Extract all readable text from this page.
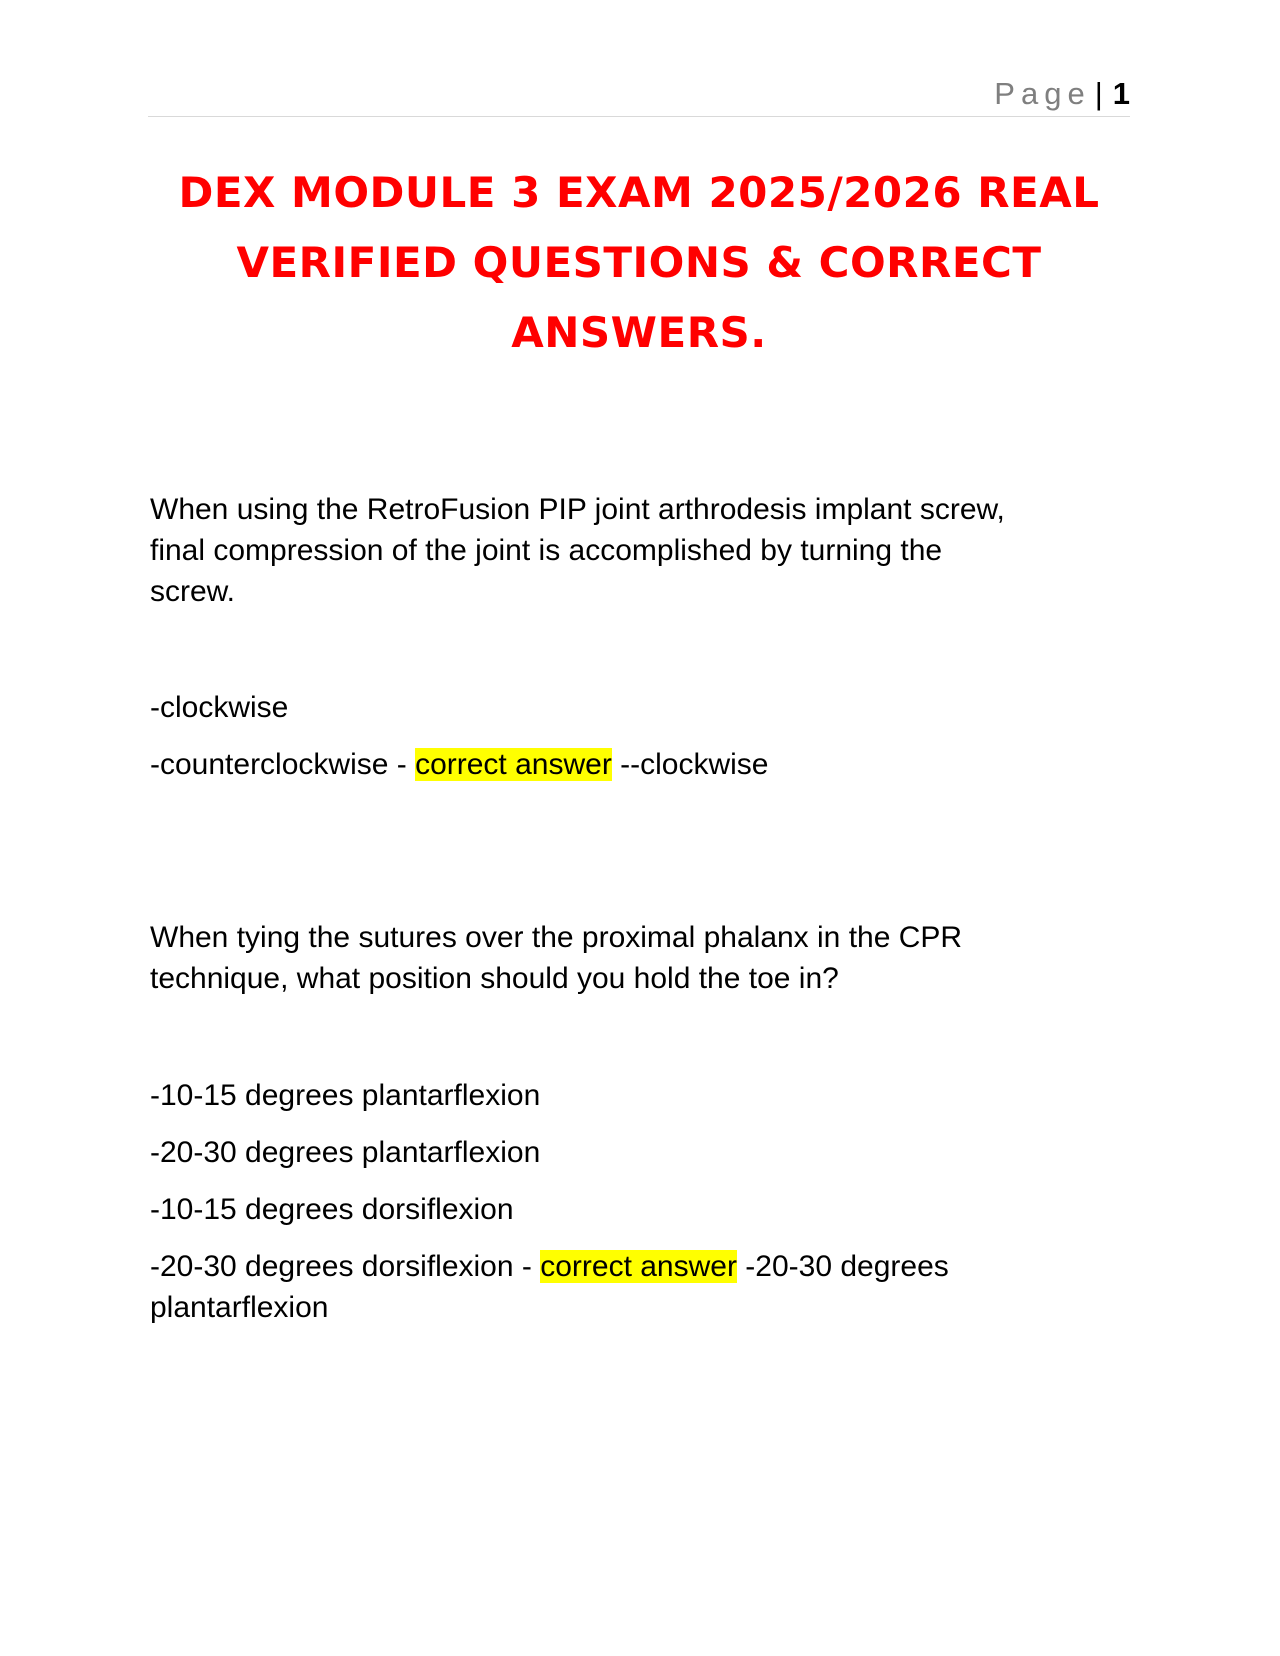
Page | 1
DEX MODULE 3 EXAM 2025/2026 REAL
VERIFIED QUESTIONS & CORRECT
ANSWERS.
When using the RetroFusion PIP joint arthrodesis implant screw,
final compression of the joint is accomplished by turning the
screw.
-clockwise
-counterclockwise - correct answer --clockwise
When tying the sutures over the proximal phalanx in the CPR
technique, what position should you hold the toe in?
-10-15 degrees plantarflexion
-20-30 degrees plantarflexion
-10-15 degrees dorsiflexion
-20-30 degrees dorsiflexion - correct answer -20-30 degrees
plantarflexion
